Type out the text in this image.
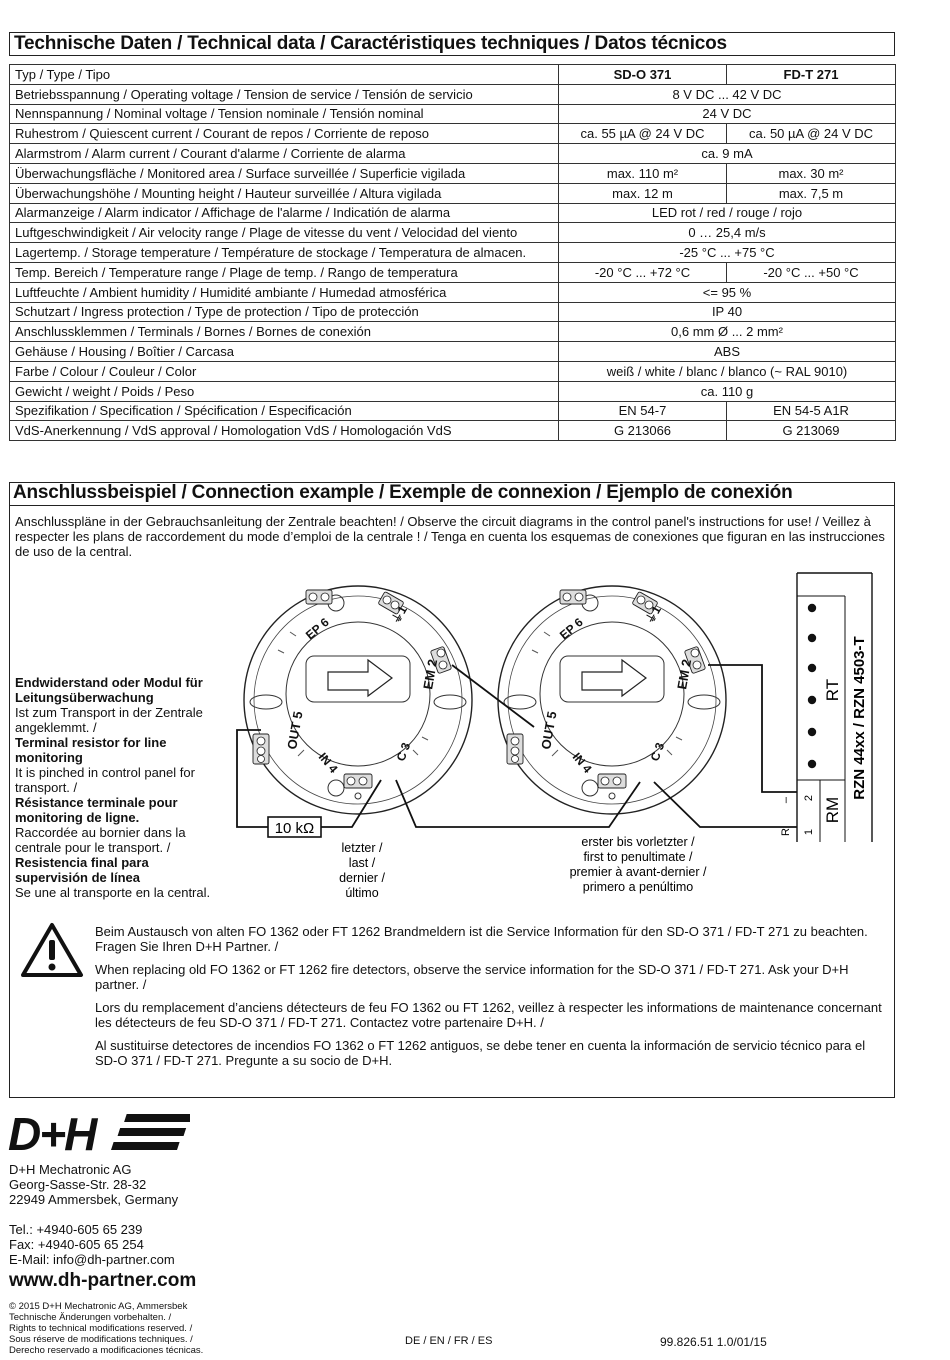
Technische Daten / Technical data / Caractéristiques techniques / Datos técnicos
Typ / Type / Tipo	SD-O 371	FD-T 271
Betriebsspannung / Operating voltage / Tension de service / Tensión de servicio	8 V DC ... 42 V DC	
Nennspannung / Nominal voltage / Tension nominale / Tensión nominal	24 V DC	
Ruhestrom / Quiescent current / Courant de repos / Corriente de reposo	ca. 55 µA @ 24 V DC	ca. 50 µA @ 24 V DC
Alarmstrom / Alarm current / Courant d'alarme / Corriente de alarma	ca. 9 mA	
Überwachungsfläche / Monitored area / Surface surveillée / Superficie vigilada	max. 110 m²	max. 30 m²
Überwachungshöhe / Mounting height / Hauteur surveillée / Altura vigilada	max. 12 m	max. 7,5 m
Alarmanzeige / Alarm indicator / Affichage de l'alarme / Indicatión de alarma	LED rot / red / rouge / rojo	
Luftgeschwindigkeit / Air velocity range / Plage de vitesse du vent / Velocidad del viento	0 … 25,4 m/s	
Lagertemp. / Storage temperature / Température de stockage / Temperatura de almacen.	-25 °C ... +75 °C	
Temp. Bereich / Temperature range / Plage de temp. / Rango de temperatura	-20 °C ... +72 °C	-20 °C ... +50 °C
Luftfeuchte / Ambient humidity / Humidité ambiante / Humedad atmosférica	<= 95 %	
Schutzart / Ingress protection / Type de protection / Tipo de protección	IP 40	
Anschlussklemmen / Terminals / Bornes / Bornes de conexión	0,6 mm Ø ... 2 mm²	
Gehäuse / Housing / Boîtier / Carcasa	ABS	
Farbe / Colour / Couleur / Color	weiß / white / blanc / blanco (~ RAL 9010)	
Gewicht / weight / Poids / Peso	ca. 110 g	
Spezifikation / Specification / Spécification / Especificación	EN 54-7	EN 54-5 A1R
VdS-Anerkennung / VdS approval / Homologation VdS / Homologación VdS	G 213066	G 213069
Anschlussbeispiel / Connection example / Exemple de connexion / Ejemplo de conexión
Anschlusspläne in der Gebrauchsanleitung der Zentrale beachten! / Observe the circuit diagrams in the control panel's instructions for use! / Veillez à respecter les plans de raccordement du mode d’emploi de la centrale ! / Tenga en cuenta los esquemas de conexiones que figuran en las instrucciones de uso de la central.
Endwiderstand oder Modul für Leitungsüberwachung
Ist zum Transport in der Zentrale angeklemmt. /
Terminal resistor for line monitoring
It is pinched in control panel for transport. /
Résistance terminale pour monitoring de ligne.
Raccordée au bornier dans la centrale pour le transport. /
Resistencia final para supervisión de línea
Se une al transporte en la central.
EP 6
⏚1
EM 2
OUT 5
IN 4	C 3
EP 6
⏚1
EM 2
OUT 5
IN 4	C 3
10 kΩ
letzter /
last /
dernier /
último
erster bis vorletzter /
first to penultimate /
premier à avant-dernier /
primero a penúltimo
RT
RM
RZN 44xx / RZN 4503-T
1
2
R
–

Beim Austausch von alten FO 1362 oder FT 1262 Brandmeldern ist die Service Information für den SD-O 371 / FD-T 271 zu beachten. Fragen Sie Ihren D+H Partner. /

When replacing old FO 1362 or FT 1262 fire detectors, observe the service information for the SD-O 371 / FD-T 271. Ask your D+H partner. /

Lors du remplacement d’anciens détecteurs de feu FO 1362 ou FT 1262, veillez à respecter les informations de maintenance concernant les détecteurs de feu SD-O 371 / FD-T 271. Contactez votre partenaire D+H. /

Al sustituirse detectores de incendios FO 1362 o FT 1262 antiguos, se debe tener en cuenta la información de servicio técnico para el SD-O 371 / FD-T 271. Pregunte a su socio de D+H.

D+H
D+H Mechatronic AG
Georg-Sasse-Str. 28-32
22949 Ammersbek, Germany
Tel.: +4940-605 65 239
Fax: +4940-605 65 254
E-Mail: info@dh-partner.com
www.dh-partner.com
© 2015 D+H Mechatronic AG, Ammersbek
Technische Änderungen vorbehalten. /
Rights to technical modifications reserved. /
Sous réserve de modifications techniques. /
Derecho reservado a modificaciones técnicas.
DE / EN / FR / ES	99.826.51 1.0/01/15
